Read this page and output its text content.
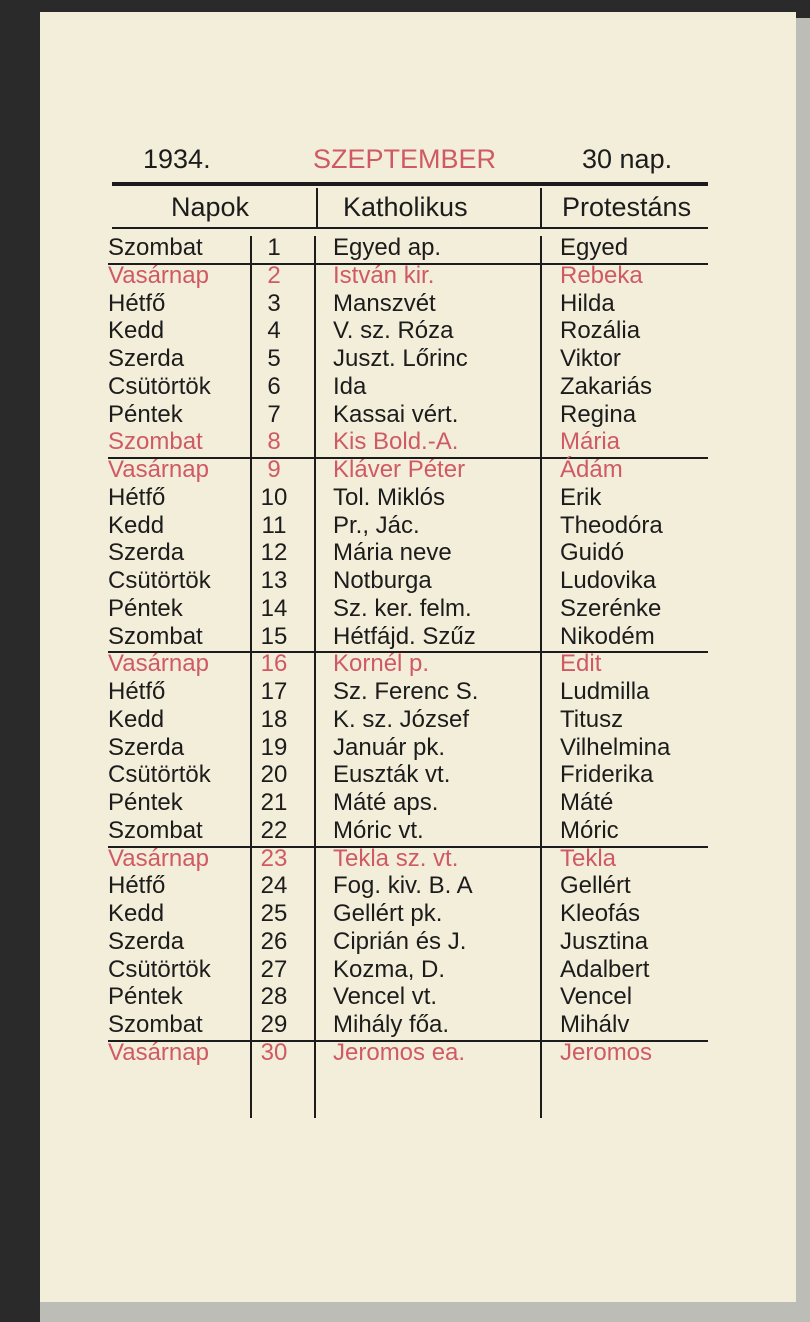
1934.	SZEPTEMBER	30 nap.
Napok	Katholikus	Protestáns
Szombat	1	Egyed ap.	Egyed
Vasárnap	2	István kir.	Rebeka
Hétfő	3	Manszvét	Hilda
Kedd	4	V. sz. Róza	Rozália
Szerda	5	Juszt. Lőrinc	Viktor
Csütörtök	6	Ida	Zakariás
Péntek	7	Kassai vért.	Regina
Szombat	8	Kis Bold.-A.	Mária
Vasárnap	9	Kláver Péter	Ádám
Hétfő	10	Tol. Miklós	Erik
Kedd	11	Pr., Jác.	Theodóra
Szerda	12	Mária neve	Guidó
Csütörtök	13	Notburga	Ludovika
Péntek	14	Sz. ker. felm.	Szerénke
Szombat	15	Hétfájd. Szűz	Nikodém
Vasárnap	16	Kornél p.	Edit
Hétfő	17	Sz. Ferenc S.	Ludmilla
Kedd	18	K. sz. József	Titusz
Szerda	19	Január pk.	Vilhelmina
Csütörtök	20	Euszták vt.	Friderika
Péntek	21	Máté aps.	Máté
Szombat	22	Móric vt.	Móric
Vasárnap	23	Tekla sz. vt.	Tekla
Hétfő	24	Fog. kiv. B. A	Gellért
Kedd	25	Gellért pk.	Kleofás
Szerda	26	Ciprián és J.	Jusztina
Csütörtök	27	Kozma, D.	Adalbert
Péntek	28	Vencel vt.	Vencel
Szombat	29	Mihály főa.	Mihálv
Vasárnap	30	Jeromos ea.	Jeromos
